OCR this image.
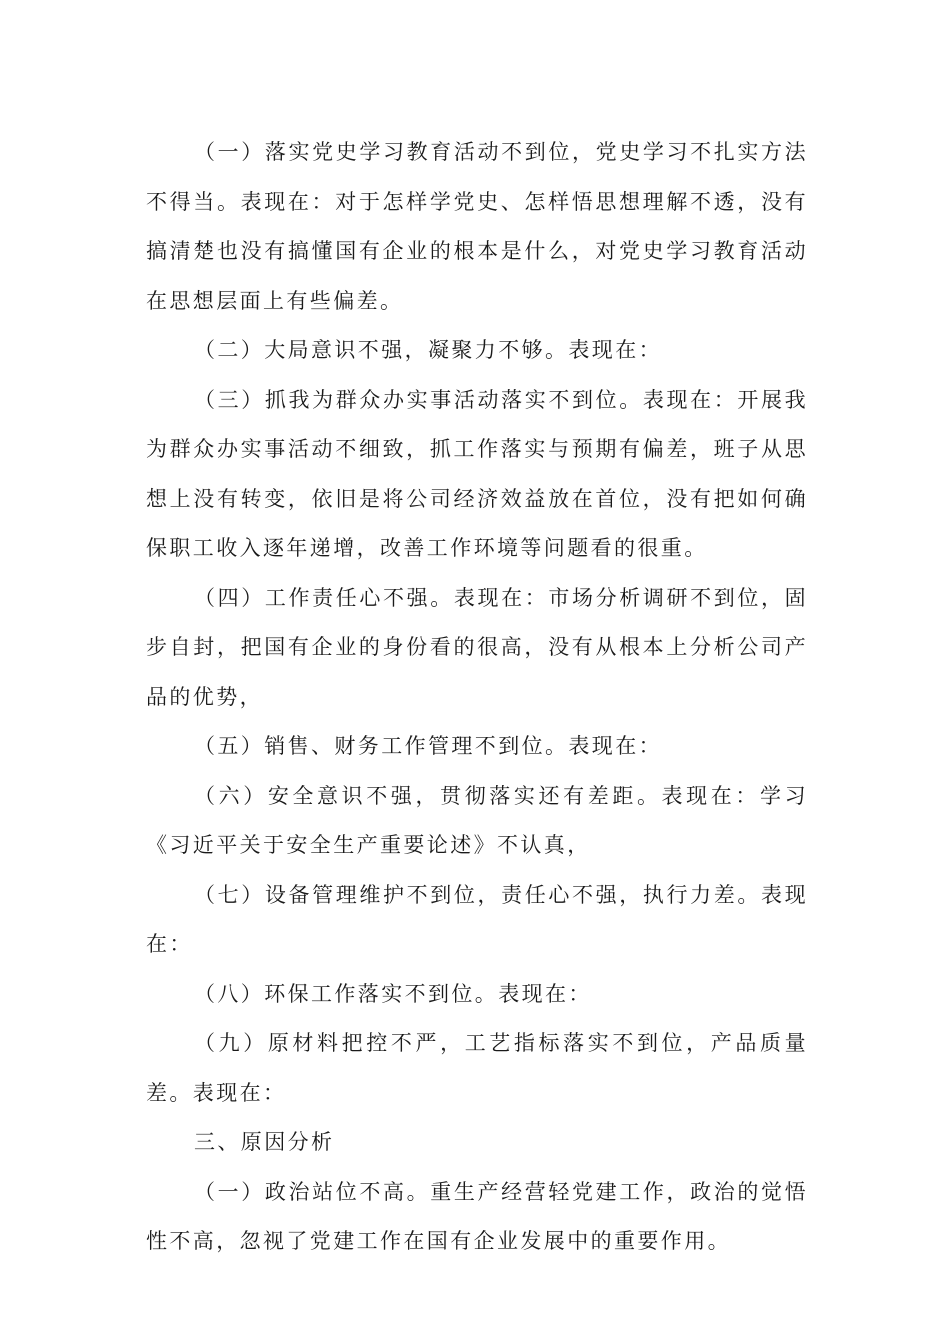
（一）落实党史学习教育活动不到位，党史学习不扎实方法不得当。表现在：对于怎样学党史、怎样悟思想理解不透，没有搞清楚也没有搞懂国有企业的根本是什么，对党史学习教育活动在思想层面上有些偏差。

（二）大局意识不强，凝聚力不够。表现在：

（三）抓我为群众办实事活动落实不到位。表现在：开展我为群众办实事活动不细致，抓工作落实与预期有偏差，班子从思想上没有转变，依旧是将公司经济效益放在首位，没有把如何确保职工收入逐年递增，改善工作环境等问题看的很重。

（四）工作责任心不强。表现在：市场分析调研不到位，固步自封，把国有企业的身份看的很高，没有从根本上分析公司产品的优势，

（五）销售、财务工作管理不到位。表现在：

（六）安全意识不强，贯彻落实还有差距。表现在：学习《习近平关于安全生产重要论述》不认真，

（七）设备管理维护不到位，责任心不强，执行力差。表现在：

（八）环保工作落实不到位。表现在：

（九）原材料把控不严，工艺指标落实不到位，产品质量差。表现在：

三、原因分析

（一）政治站位不高。重生产经营轻党建工作，政治的觉悟性不高，忽视了党建工作在国有企业发展中的重要作用。
